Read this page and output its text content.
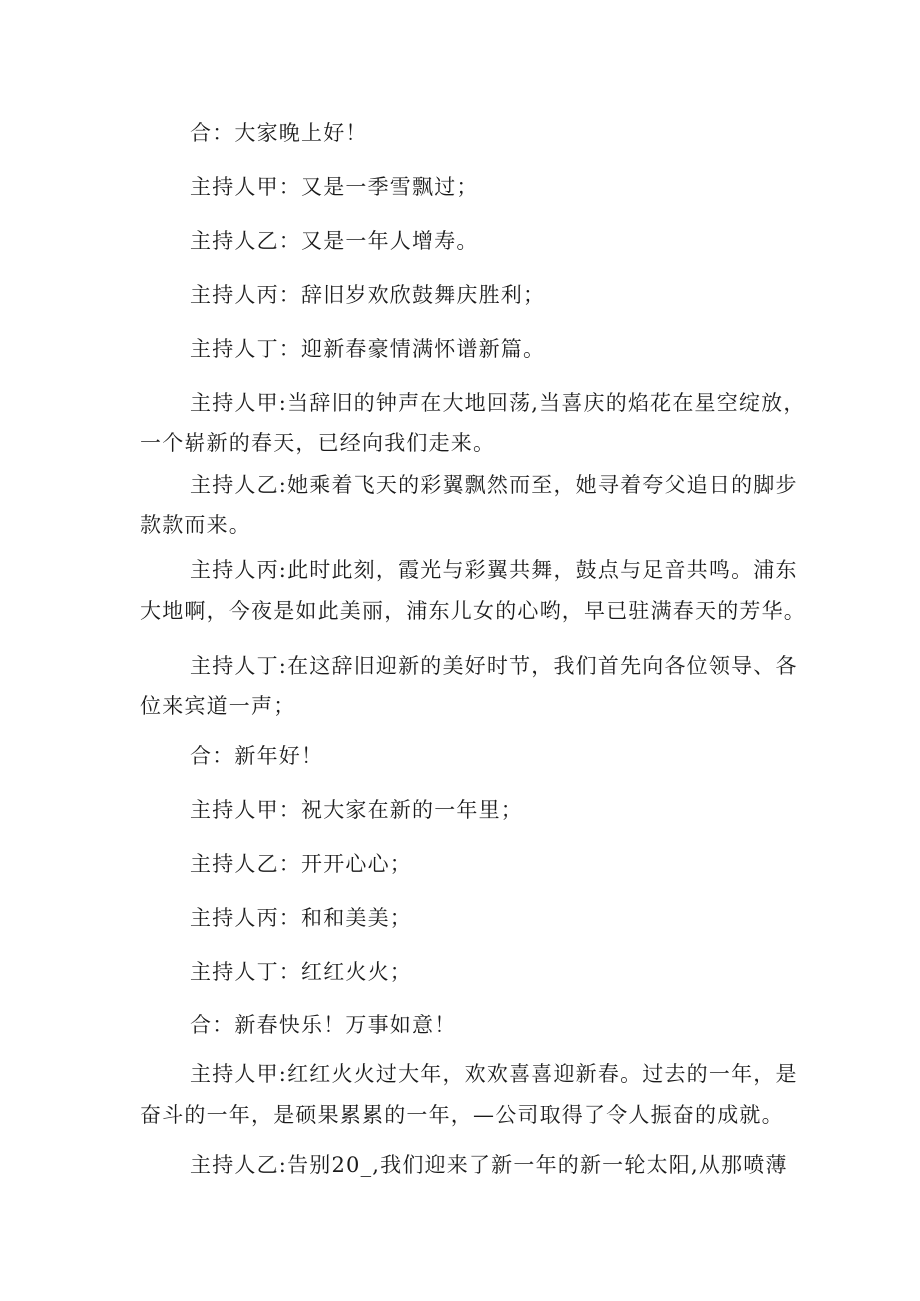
合：大家晚上好！
主持人甲：又是一季雪飘过；
主持人乙：又是一年人增寿。
主持人丙：辞旧岁欢欣鼓舞庆胜利；
主持人丁：迎新春豪情满怀谱新篇。
主持人甲:当辞旧的钟声在大地回荡,当喜庆的焰花在星空绽放，
一个崭新的春天，已经向我们走来。
主持人乙:她乘着飞天的彩翼飘然而至，她寻着夸父追日的脚步
款款而来。
主持人丙:此时此刻，霞光与彩翼共舞，鼓点与足音共鸣。浦东
大地啊，今夜是如此美丽，浦东儿女的心哟，早已驻满春天的芳华。
主持人丁:在这辞旧迎新的美好时节，我们首先向各位领导、各
位来宾道一声；
合：新年好！
主持人甲：祝大家在新的一年里；
主持人乙：开开心心；
主持人丙：和和美美；
主持人丁：红红火火；
合：新春快乐！万事如意！
主持人甲:红红火火过大年，欢欢喜喜迎新春。过去的一年，是
奋斗的一年，是硕果累累的一年，—公司取得了令人振奋的成就。
主持人乙:告别20_,我们迎来了新一年的新一轮太阳,从那喷薄
